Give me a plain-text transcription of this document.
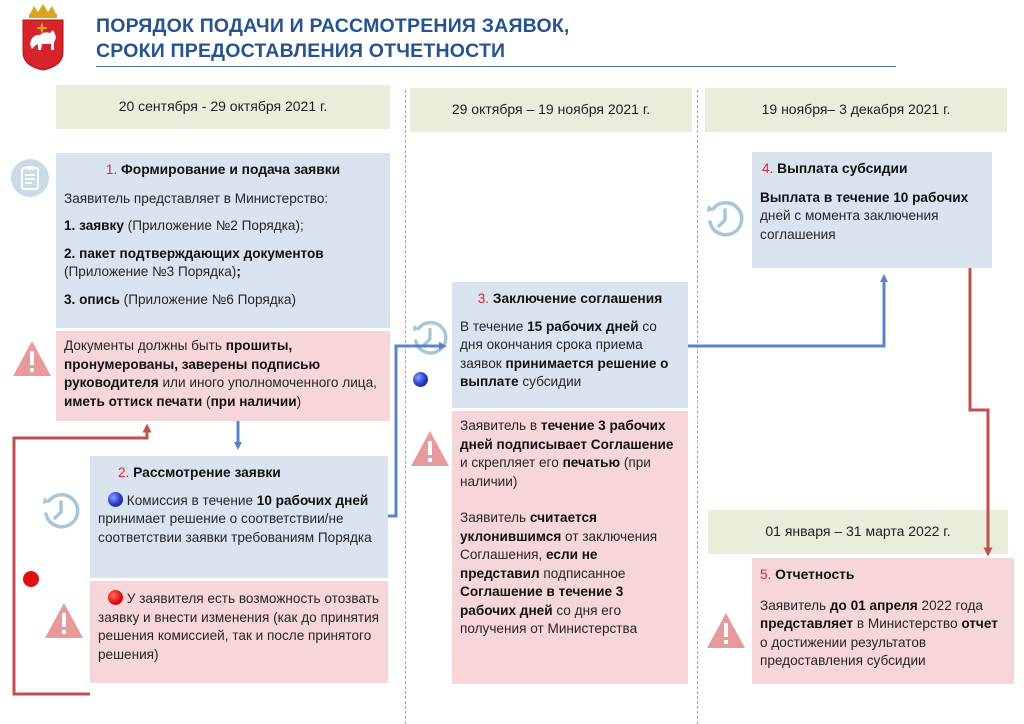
ПОРЯДОК ПОДАЧИ И РАССМОТРЕНИЯ ЗАЯВОК,
СРОКИ ПРЕДОСТАВЛЕНИЯ ОТЧЕТНОСТИ
20 сентября - 29 октября 2021 г.	29 октября – 19 ноября 2021 г.	19 ноября– 3 декабря 2021 г.
01 января – 31 марта 2022 г.

1. Формирование и подача заявки

Заявитель представляет в Министерство:

1. заявку (Приложение №2 Порядка);

2. пакет подтверждающих документов (Приложение №3 Порядка);

3. опись (Приложение №6 Порядка)

Документы должны быть прошиты, пронумерованы, заверены подписью руководителя или иного уполномоченного лица, иметь оттиск печати (при наличии)

2. Рассмотрение заявки

Комиссия в течение 10 рабочих дней принимает решение о соответствии/не соответствии заявки требованиям Порядка

У заявителя есть возможность отозвать заявку и внести изменения (как до принятия решения комиссией, так и после принятого решения)

3. Заключение соглашения

В течение 15 рабочих дней со дня окончания срока приема заявок принимается решение о выплате субсидии

Заявитель в течение 3 рабочих дней подписывает Соглашение и скрепляет его печатью (при наличии)

Заявитель считается уклонившимся от заключения Соглашения, если не представил подписанное Соглашение в течение 3 рабочих дней со дня его получения от Министерства

4. Выплата субсидии

Выплата в течение 10 рабочих дней с момента заключения соглашения

5. Отчетность

Заявитель до 01 апреля 2022 года представляет в Министерство отчет о достижении результатов предоставления субсидии
